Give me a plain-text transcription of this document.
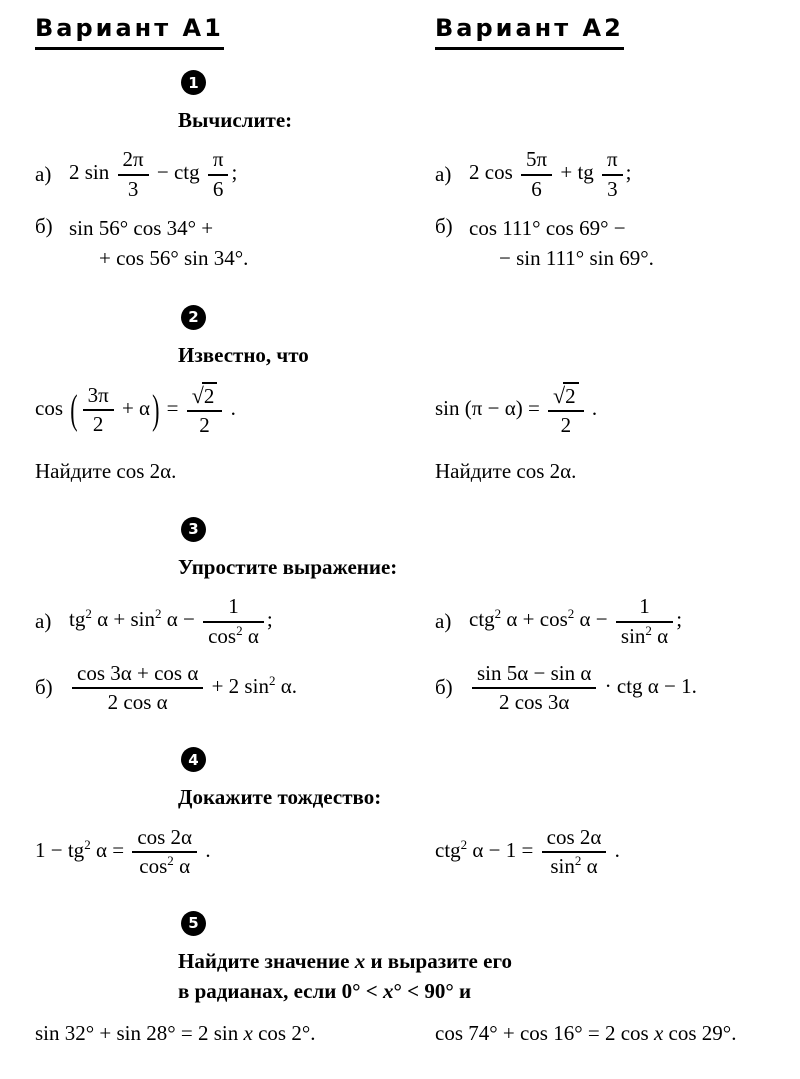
Вариант А1	Вариант А2
1
Вычислите:
а) 2 $\sin \frac{2\pi}{3}$ − ctg $\frac{\pi}{6}$ ;
б) sin 56° cos 34° +
+ cos 56° sin 34°.
а) 2 $\cos \frac{5\pi}{6}$ + tg $\frac{\pi}{3}$ ;
б) cos 111° cos 69° −
− sin 111° sin 69°.
2
Известно, что
cos ( $\frac{3\pi}{2} + \alpha) = \frac{√2}{2}$ .
Найдите cos 2α.
$\sin (\pi - \alpha) = \frac{√2}{2}$ .
Найдите cos 2α.
3
Упростите выражение:
а) $tg^2$ $\alpha + \sin^2 \alpha - \frac{1}{\cos^2 \alpha}$ ;
$б) \frac{\text{cos 3α + cos α}}{\text{2 cos α}} + 2$ $\sin^2 \alpha$.
а) ctg$^2$ $\alpha + \cos^2 \alpha - \frac{1}{\sin^2 \alpha}$ ;
$б) \frac{\text{sin 5α − sin α}}{2 \cos 3\alpha}$ · ctg α − 1.
4
Докажите тождество:
$1 - tg^2$ $\alpha = \frac{\cos 2\alpha}{\cos^2 \alpha}$ .	ctg$^2$ $\alpha - 1 = \frac{\cos 2\alpha}{\sin^2 \alpha}$ .
5
Найдите значение x и выразите его
в радианах, если 0° < x° < 90° и
sin 32° + sin 28° = 2 sin x cos 2°.	cos 74° + cos 16° = 2 cos x cos 29°.
